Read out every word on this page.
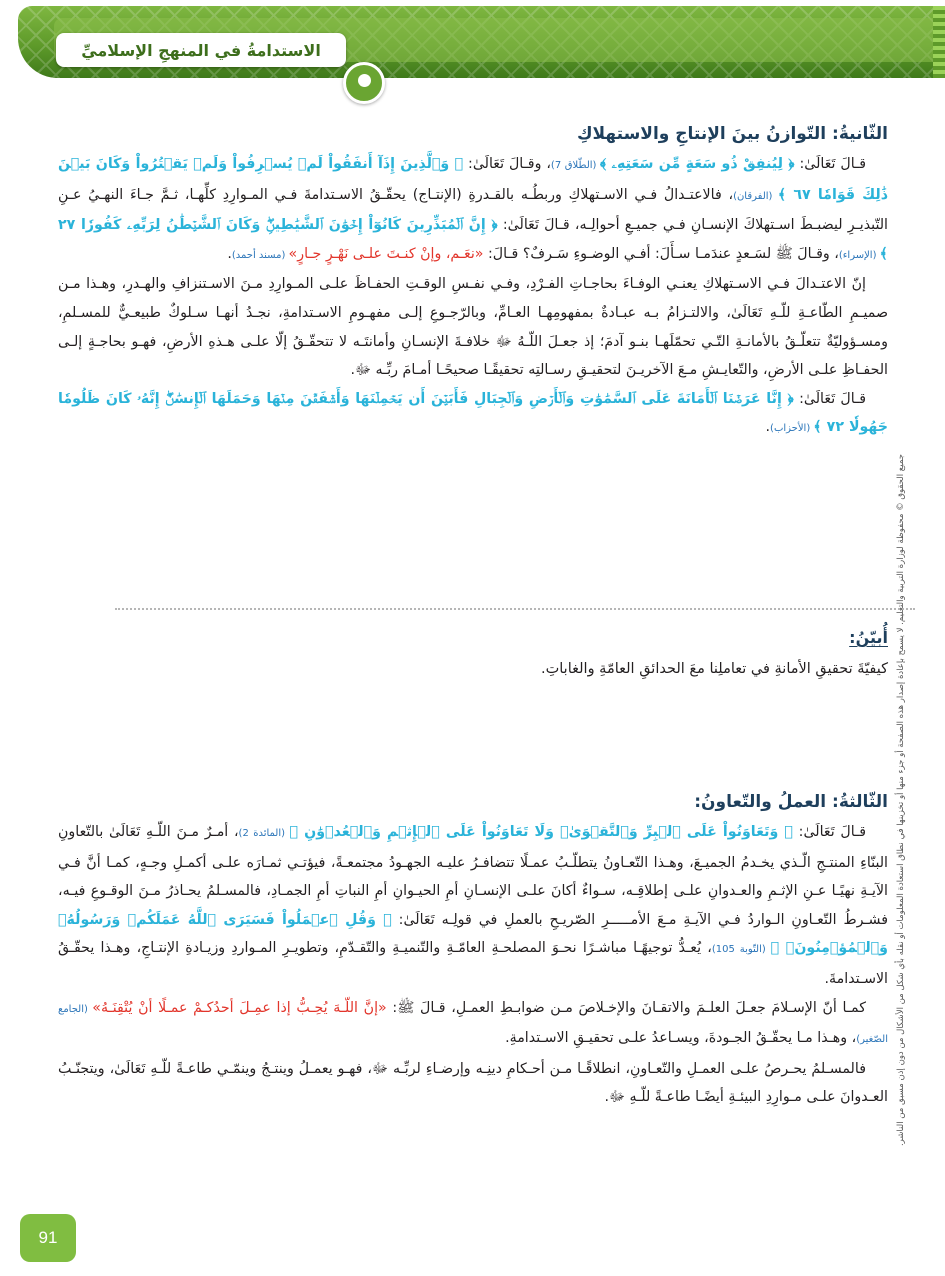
الاستدامةُ في المنهجِ الإسلاميِّ
جميع الحقوق © محفوظة لوزارة التربية والتعليم. لا يسمح بإعادة إصدار هذه الصفحة أو جزء منها أو تخزينها في نطاق استعادة المعلومات أو نقله بأي شكل من الأشكال من دون إذن مسبق من الناشر.
الثّانيةُ: التّوازنُ بينَ الإنتاجِ والاستهلاكِ

قـالَ تَعَالَىٰ: ﴿ لِيُنفِقْ ذُو سَعَةٍ مِّن سَعَتِهِۦ ﴾ (الطّلاق 7)، وقـالَ تَعَالَىٰ: ﴿ وَٱلَّذِينَ إِذَآ أَنفَقُواْ لَمۡ يُسۡرِفُواْ وَلَمۡ يَقۡتُرُواْ وَكَانَ بَيۡنَ ذَٰلِكَ قَوَامٗا ٦٧ ﴾ (الفرقان)، فالاعتـدالُ فـي الاسـتهلاكِ وربطُـه بالقـدرةِ (الإنتـاج) يحقّـقُ الاسـتدامةَ فـي المـوارِدِ كلِّهـا، ثـمَّ جـاءَ النهـيُ عـنِ التّبذيـرِ ليضبـطَ اسـتهلاكَ الإنسـانِ فـي جميـعِ أحوالِـه، قـالَ تَعَالَىٰ: ﴿ إِنَّ ٱلۡمُبَذِّرِينَ كَانُوٓاْ إِخۡوَٰنَ ٱلشَّيَٰطِينِۖ وَكَانَ ٱلشَّيۡطَٰنُ لِرَبِّهِۦ كَفُورٗا ٢٧ ﴾ (الإسراء)، وقـالَ ﷺ لسَـعدٍ عندَمـا سـأَلَ: أفـي الوضـوءِ سَـرفٌ؟ قـالَ: «نعَـم، وإنْ كنـتَ علـى نَهْـرٍ جـارٍ» (مسند أحمد).

إنّ الاعتـدالَ فـي الاسـتهلاكِ يعنـي الوفـاءَ بحاجـاتِ الفـرْدِ، وفـي نفـسِ الوقـتِ الحفـاظَ علـى المـوارِدِ مـنَ الاسـتنزافِ والهـدرِ، وهـذا مـن صميـمِ الطّاعـةِ للّـهِ تَعَالَىٰ، والالتـزامُ بـه عبـادةٌ بمفهومِهـا العـامِّ، وبالرّجـوعِ إلـى مفهـومِ الاسـتدامةِ، نجـدُ أنهـا سـلوكٌ طبيعـيٌّ للمسـلمِ، ومسـؤوليّةٌ تتعلّـقُ بالأمانـةِ التّـي تحمّلَهـا بنـو آدمَ؛ إذ جعـلَ اللّـهُ ﷻ خلافـةَ الإنسـانِ وأمانتَـه لا تتحقّـقُ إلّا علـى هـذهِ الأرضِ، فهـو بحاجـةٍ إلـى الحفـاظِ علـى الأرضِ، والتّعايـشِ مـعَ الآخريـنَ لتحقيـقِ رسـالتِه تحقيقًـا صحيحًـا أمـامَ ربِّـه ﷻ.

قـالَ تَعَالَىٰ: ﴿ إِنَّا عَرَضۡنَا ٱلۡأَمَانَةَ عَلَى ٱلسَّمَٰوَٰتِ وَٱلۡأَرۡضِ وَٱلۡجِبَالِ فَأَبَيۡنَ أَن يَحۡمِلۡنَهَا وَأَشۡفَقۡنَ مِنۡهَا وَحَمَلَهَا ٱلۡإِنسَٰنُۖ إِنَّهُۥ كَانَ ظَلُومٗا جَهُولٗا ٧٢ ﴾ (الأحزاب).

أُبيّنُ:

كيفيّةَ تحقيقِ الأمانةِ في تعاملِنا معَ الحدائقِ العامّةِ والغاباتِ.

الثّالثةُ: العملُ والتّعاونُ:

قـالَ تَعَالَىٰ: ﴿ وَتَعَاوَنُواْ عَلَى ٱلۡبِرِّ وَٱلتَّقۡوَىٰۖ وَلَا تَعَاوَنُواْ عَلَى ٱلۡإِثۡمِ وَٱلۡعُدۡوَٰنِ ﴾ (المائدة 2)، أمـرٌ مـنَ اللّـهِ تَعَالَىٰ بالتّعاونِ البنّاءِ المنتـجِ الّـذي يخـدمُ الجميـعَ، وهـذا التّعـاونُ يتطلّـبُ عمـلًا تتضافـرُ عليـه الجهـودُ مجتمعـةً، فيؤتـي ثمـارَه علـى أكمـلِ وجـهٍ، كمـا أنَّ فـي الآيـةِ نهيًـا عـنِ الإثـمِ والعـدوانِ علـى إطلاقِـه، سـواءٌ أكانَ علـى الإنسـانِ أمِ الحيـوانِ أمِ النباتِ أمِ الجمـادِ، فالمسـلمُ يحـاذرُ مـنَ الوقـوعِ فيـه، فشـرطُ التّعـاونِ الـواردُ فـي الآيـةِ مـعَ الأمـــــرِ الصّريـحِ بالعملِ في قولِـه تَعَالَىٰ: ﴿ وَقُلِ ٱعۡمَلُواْ فَسَيَرَى ٱللَّهُ عَمَلَكُمۡ وَرَسُولُهُۥ وَٱلۡمُؤۡمِنُونَۖ ﴾ (التّوبة 105)، يُعـدُّ توجيهًـا مباشـرًا نحـوَ المصلحـةِ العامّـةِ والتّنميـةِ والتّقـدّمِ، وتطويـرِ المـواردِ وزيـادةِ الإنتـاجِ، وهـذا يحقّـقُ الاسـتدامةَ.

كمـا أنّ الإسـلامَ جعـلَ العلـمَ والاتقـانَ والإخـلاصَ مـن ضوابـطِ العمـلِ، قـالَ ﷺ: «إنَّ اللّـهَ يُحِـبُّ إذا عمِـلَ أحدُكـمْ عمـلًا أنْ يُتْقِنَـهُ» (الجامع الصّغير)، وهـذا مـا يحقّـقُ الجـودةَ، ويسـاعدُ علـى تحقيـقِ الاسـتدامةِ.

فالمسـلمُ يحـرصُ علـى العمـلِ والتّعـاونِ، انطلاقًـا مـن أحـكامِ دينِـه وإرضـاءِ لربِّـه ﷻ، فهـو يعمـلُ وينتـجُ وينمّـي طاعـةً للّـهِ تَعَالَىٰ، ويتجنّـبُ العـدوانَ علـى مـوارِدِ البيئـةِ أيضًـا طاعـةً للّـهِ ﷻ.

91
